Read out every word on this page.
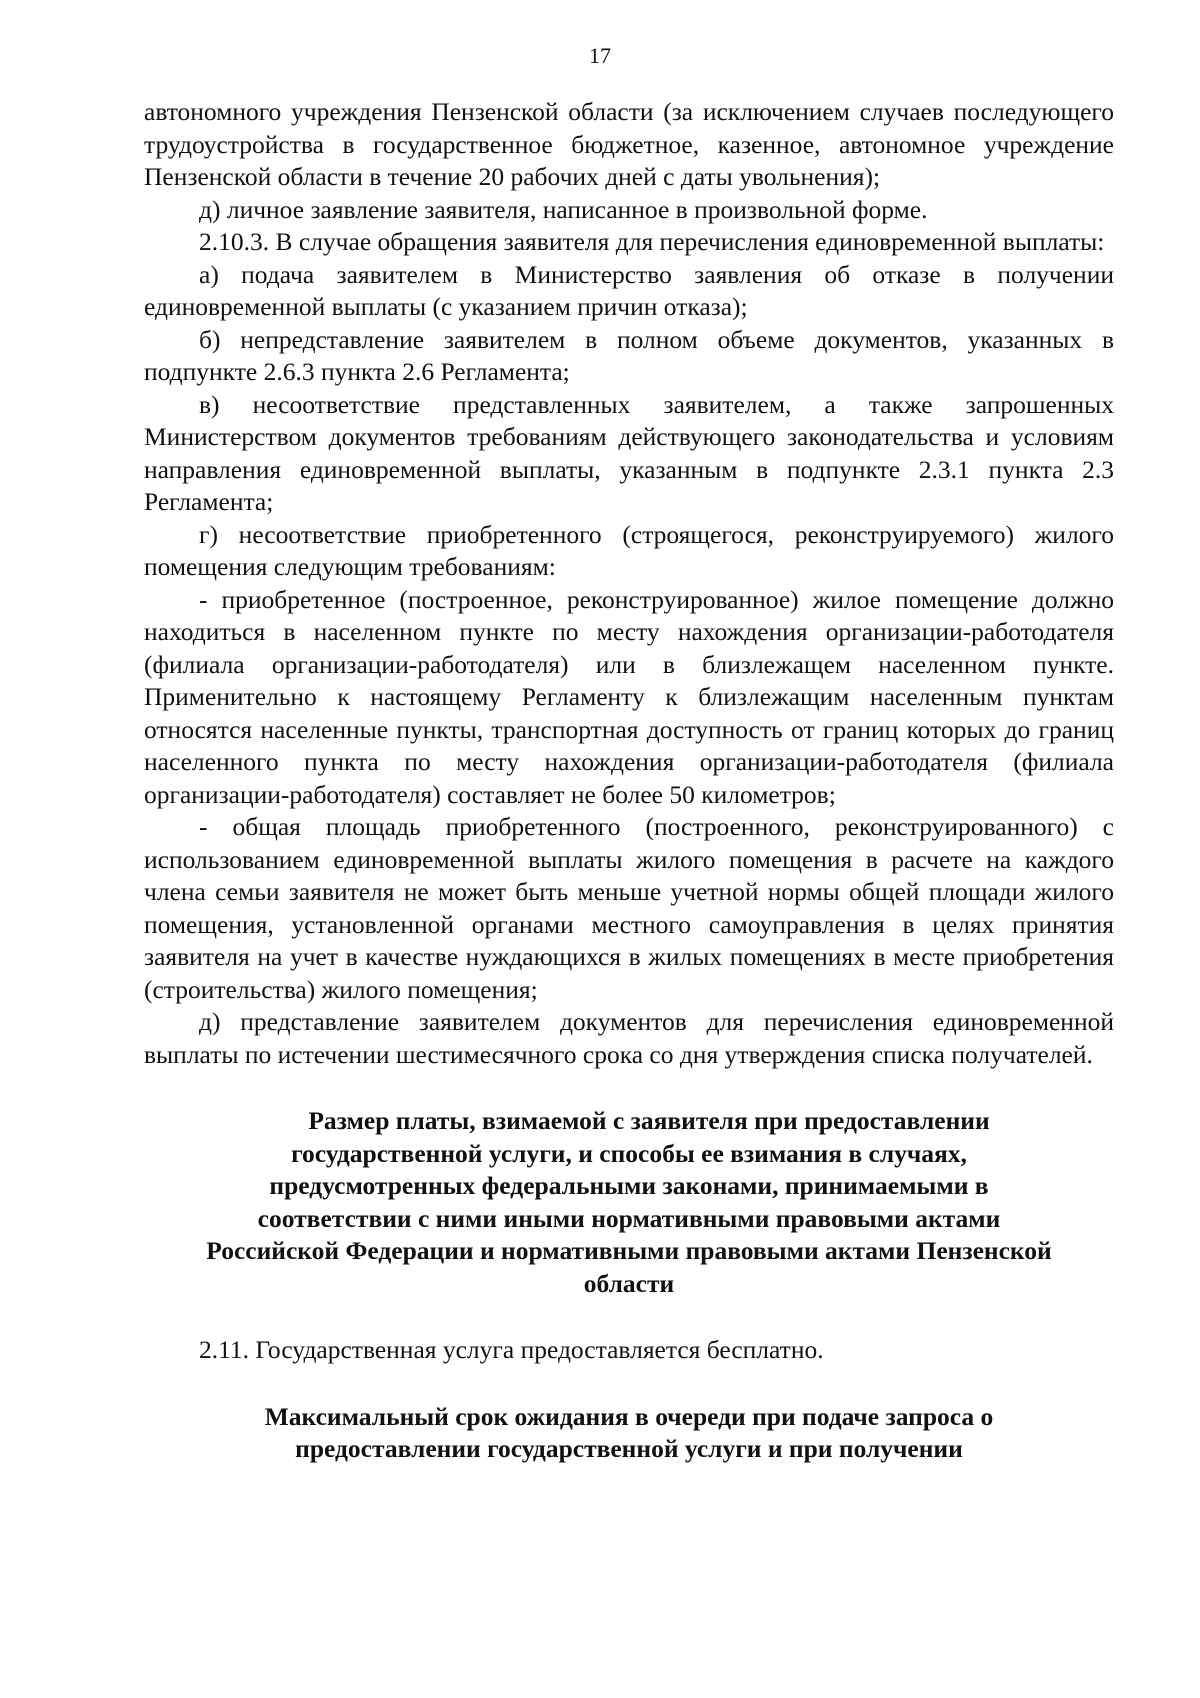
17

автономного учреждения Пензенской области (за исключением случаев последующего трудоустройства в государственное бюджетное, казенное, автономное учреждение Пензенской области в течение 20 рабочих дней с даты увольнения);

д) личное заявление заявителя, написанное в произвольной форме.

2.10.3. В случае обращения заявителя для перечисления единовременной выплаты:

а) подача заявителем в Министерство заявления об отказе в получении единовременной выплаты (с указанием причин отказа);

б) непредставление заявителем в полном объеме документов, указанных в подпункте 2.6.3 пункта 2.6 Регламента;

в) несоответствие представленных заявителем, а также запрошенных Министерством документов требованиям действующего законодательства и условиям направления единовременной выплаты, указанным в подпункте 2.3.1 пункта 2.3 Регламента;

г) несоответствие приобретенного (строящегося, реконструируемого) жилого помещения следующим требованиям:

- приобретенное (построенное, реконструированное) жилое помещение должно находиться в населенном пункте по месту нахождения организации-работодателя (филиала организации-работодателя) или в близлежащем населенном пункте. Применительно к настоящему Регламенту к близлежащим населенным пунктам относятся населенные пункты, транспортная доступность от границ которых до границ населенного пункта по месту нахождения организации-работодателя (филиала организации-работодателя) составляет не более 50 километров;

- общая площадь приобретенного (построенного, реконструированного) с использованием единовременной выплаты жилого помещения в расчете на каждого члена семьи заявителя не может быть меньше учетной нормы общей площади жилого помещения, установленной органами местного самоуправления в целях принятия заявителя на учет в качестве нуждающихся в жилых помещениях в месте приобретения (строительства) жилого помещения;

д) представление заявителем документов для перечисления единовременной выплаты по истечении шестимесячного срока со дня утверждения списка получателей.

Размер платы, взимаемой с заявителя при предоставлении государственной услуги, и способы ее взимания в случаях, предусмотренных федеральными законами, принимаемыми в соответствии с ними иными нормативными правовыми актами Российской Федерации и нормативными правовыми актами Пензенской области

2.11. Государственная услуга предоставляется бесплатно.

Максимальный срок ожидания в очереди при подаче запроса о предоставлении государственной услуги и при получении
